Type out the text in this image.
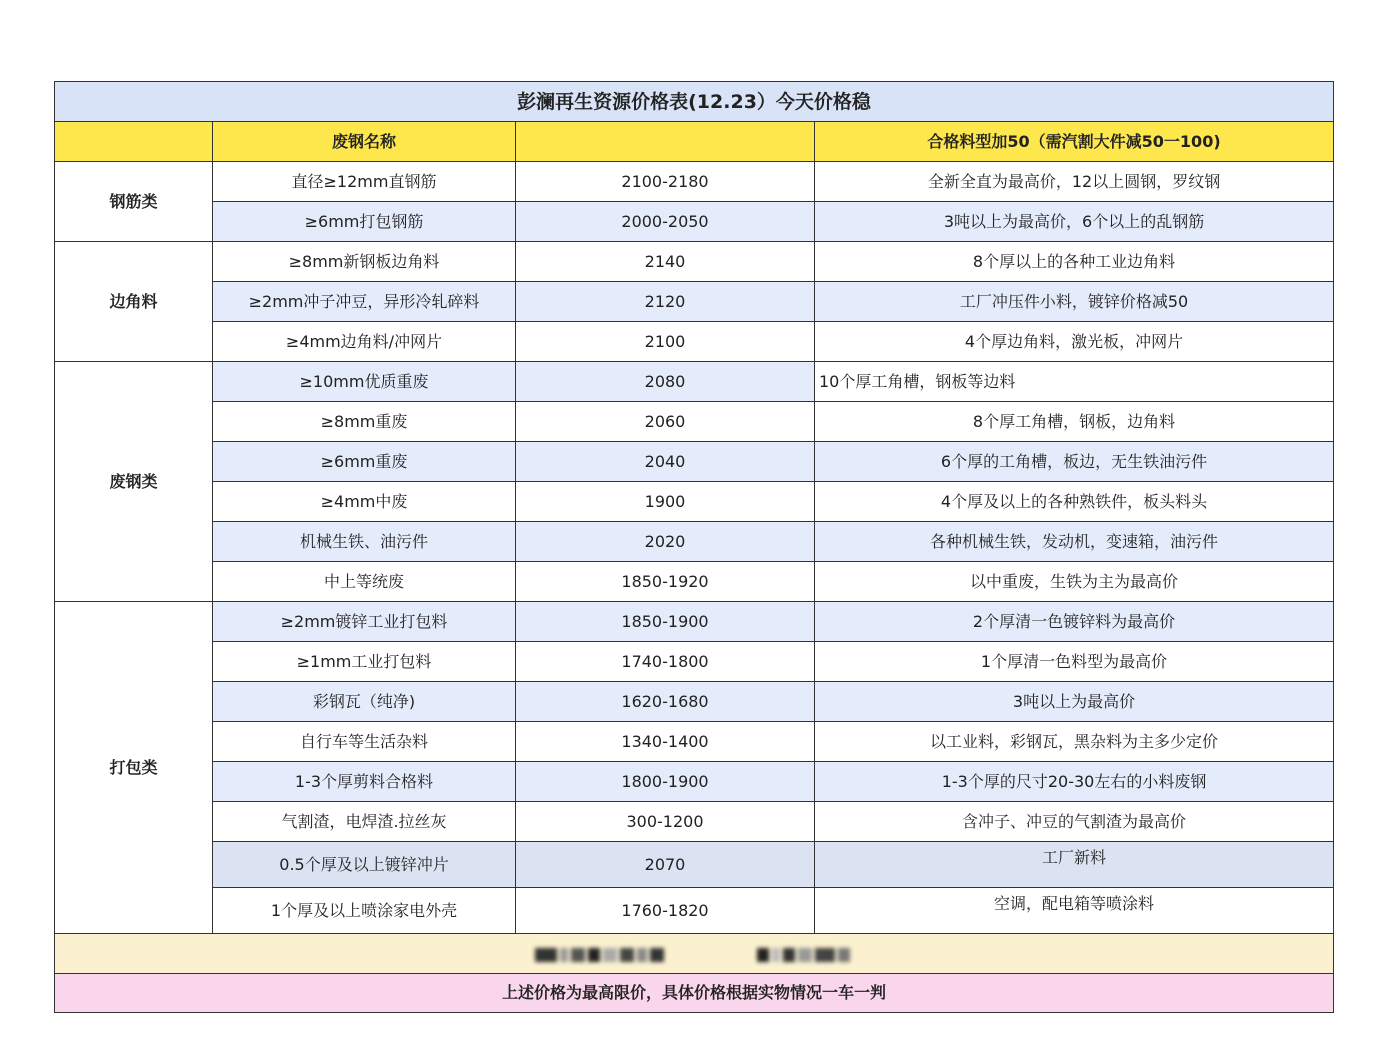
彭澜再生资源价格表(12.23）今天价格稳			
	废钢名称		合格料型加50（需汽割大件减50一100)
钢筋类	直径≥12mm直钢筋	2100-2180	全新全直为最高价，12以上圆钢，罗纹钢
	≥6mm打包钢筋	2000-2050	3吨以上为最高价，6个以上的乱钢筋
边角料	≥8mm新钢板边角料	2140	8个厚以上的各种工业边角料
	≥2mm冲子冲豆，异形冷轧碎料	2120	工厂冲压件小料，镀锌价格减50
	≥4mm边角料/冲网片	2100	4个厚边角料，激光板，冲网片
废钢类	≥10mm优质重废	2080	10个厚工角槽，钢板等边料
	≥8mm重废	2060	8个厚工角槽，钢板，边角料
	≥6mm重废	2040	6个厚的工角槽，板边，无生铁油污件
	≥4mm中废	1900	4个厚及以上的各种熟铁件，板头料头
	机械生铁、油污件	2020	各种机械生铁，发动机，变速箱，油污件
	中上等统废	1850-1920	以中重废，生铁为主为最高价
打包类	≥2mm镀锌工业打包料	1850-1900	2个厚清一色镀锌料为最高价
	≥1mm工业打包料	1740-1800	1个厚清一色料型为最高价
	彩钢瓦（纯净)	1620-1680	3吨以上为最高价
	自行车等生活杂料	1340-1400	以工业料，彩钢瓦，黑杂料为主多少定价
	1-3个厚剪料合格料	1800-1900	1-3个厚的尺寸20-30左右的小料废钢
	气割渣，电焊渣.拉丝灰	300-1200	含冲子、冲豆的气割渣为最高价
	0.5个厚及以上镀锌冲片	2070	工厂新料
	1个厚及以上喷涂家电外壳	1760-1820	空调，配电箱等喷涂料

上述价格为最高限价，具体价格根据实物情况一车一判			
